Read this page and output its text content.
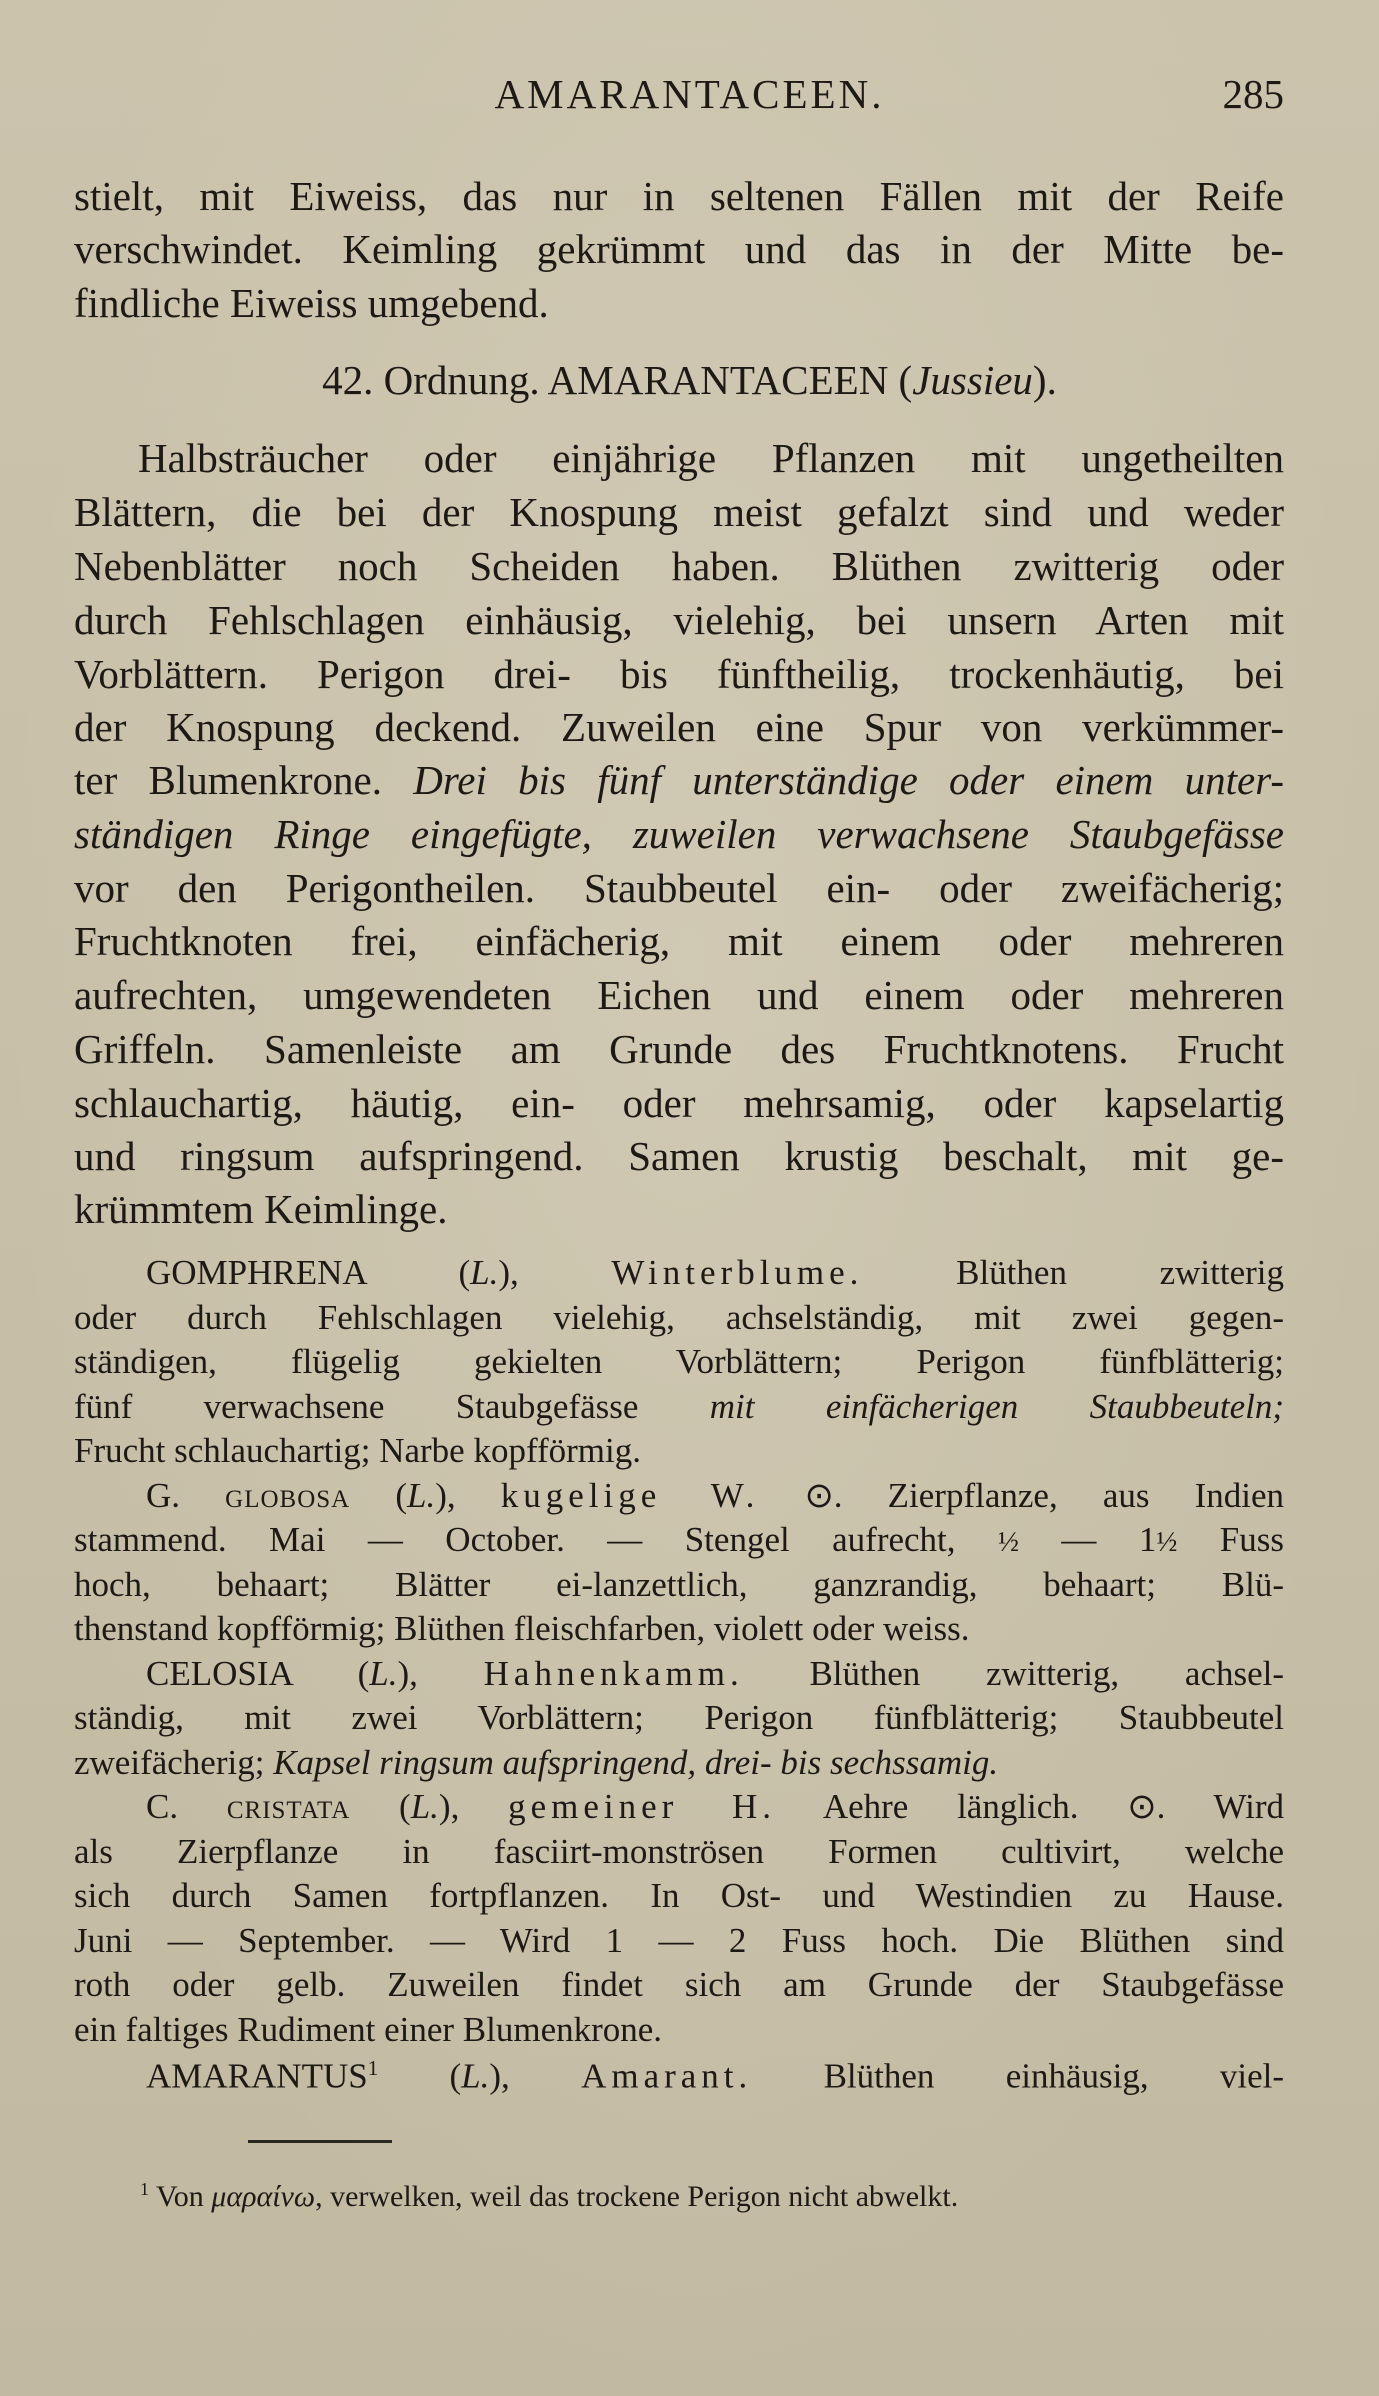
AMARANTACEEN.	285

stielt, mit Eiweiss, das nur in seltenen Fällen mit der Reife

verschwindet. Keimling gekrümmt und das in der Mitte be-

findliche Eiweiss umgebend.

42. Ordnung. AMARANTACEEN (Jussieu).

Halbsträucher oder einjährige Pflanzen mit ungetheilten

Blättern, die bei der Knospung meist gefalzt sind und weder

Nebenblätter noch Scheiden haben. Blüthen zwitterig oder

durch Fehlschlagen einhäusig, vielehig, bei unsern Arten mit

Vorblättern. Perigon drei- bis fünftheilig, trockenhäutig, bei

der Knospung deckend. Zuweilen eine Spur von verkümmer-

ter Blumenkrone. Drei bis fünf unterständige oder einem unter-

ständigen Ringe eingefügte, zuweilen verwachsene Staubgefässe

vor den Perigontheilen. Staubbeutel ein- oder zweifächerig;

Fruchtknoten frei, einfächerig, mit einem oder mehreren

aufrechten, umgewendeten Eichen und einem oder mehreren

Griffeln. Samenleiste am Grunde des Fruchtknotens. Frucht

schlauchartig, häutig, ein- oder mehrsamig, oder kapselartig

und ringsum aufspringend. Samen krustig beschalt, mit ge-

krümmtem Keimlinge.

GOMPHRENA (L.), Winterblume. Blüthen zwitterig

oder durch Fehlschlagen vielehig, achselständig, mit zwei gegen-

ständigen, flügelig gekielten Vorblättern; Perigon fünfblätterig;

fünf verwachsene Staubgefässe mit einfächerigen Staubbeuteln;

Frucht schlauchartig; Narbe kopfförmig.

G. globosa (L.), kugelige W. ⊙. Zierpflanze, aus Indien

stammend. Mai — October. — Stengel aufrecht, ½ — 1½ Fuss

hoch, behaart; Blätter ei-lanzettlich, ganzrandig, behaart; Blü-

thenstand kopfförmig; Blüthen fleischfarben, violett oder weiss.

CELOSIA (L.), Hahnenkamm. Blüthen zwitterig, achsel-

ständig, mit zwei Vorblättern; Perigon fünfblätterig; Staubbeutel

zweifächerig; Kapsel ringsum aufspringend, drei- bis sechssamig.

C. cristata (L.), gemeiner H. Aehre länglich. ⊙. Wird

als Zierpflanze in fasciirt-monströsen Formen cultivirt, welche

sich durch Samen fortpflanzen. In Ost- und Westindien zu Hause.

Juni — September. — Wird 1 — 2 Fuss hoch. Die Blüthen sind

roth oder gelb. Zuweilen findet sich am Grunde der Staubgefässe

ein faltiges Rudiment einer Blumenkrone.

AMARANTUS$^1$ (L.), Amarant. Blüthen einhäusig, viel-

$^1$ Von μαραίνω, verwelken, weil das trockene Perigon nicht abwelkt.
